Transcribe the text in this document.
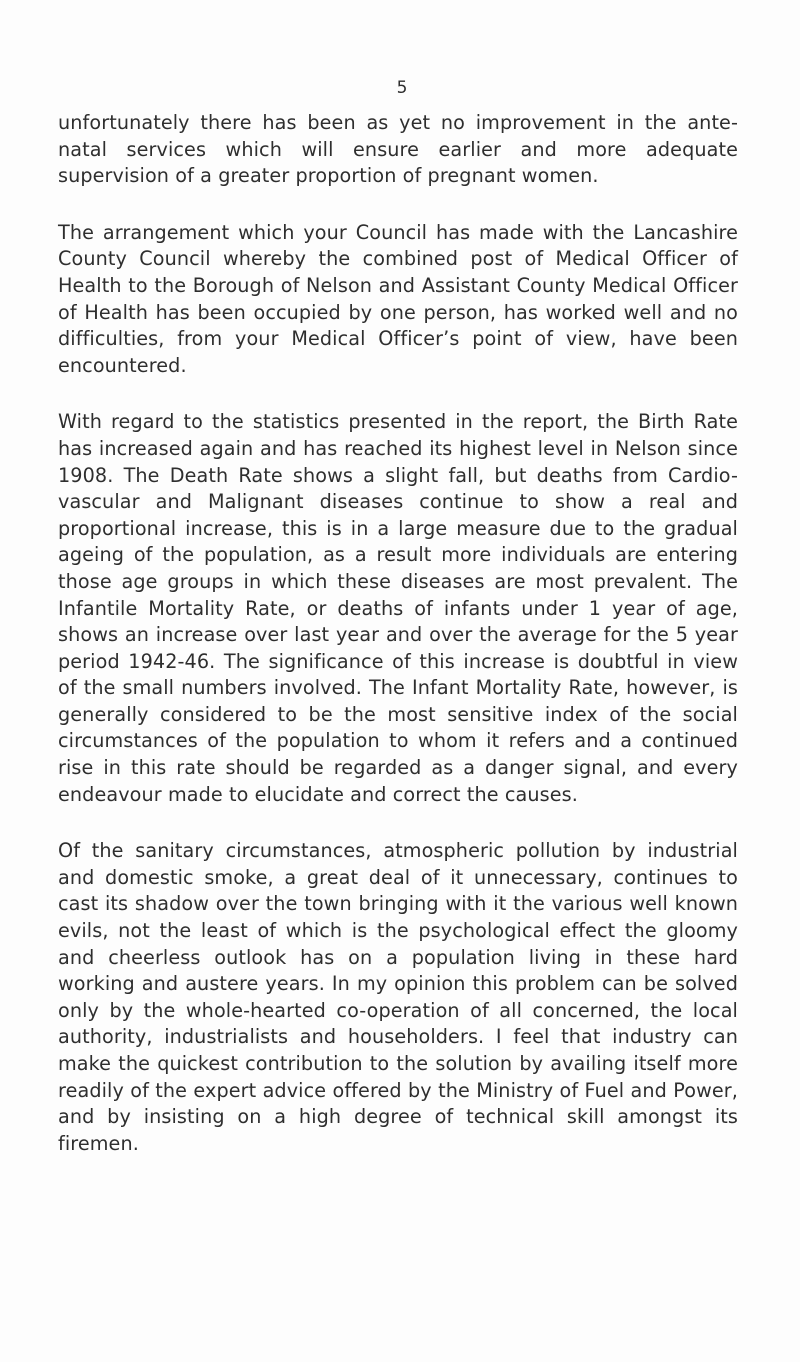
5

unfortunately there has been as yet no improvement in the ante-natal services which will ensure earlier and more adequate supervision of a greater proportion of pregnant women.

The arrangement which your Council has made with the Lancashire County Council whereby the combined post of Medical Officer of Health to the Borough of Nelson and Assistant County Medical Officer of Health has been occupied by one person, has worked well and no difficulties, from your Medical Officer’s point of view, have been encountered.

With regard to the statistics presented in the report, the Birth Rate has increased again and has reached its highest level in Nelson since 1908. The Death Rate shows a slight fall, but deaths from Cardio-vascular and Malignant diseases continue to show a real and proportional increase, this is in a large measure due to the gradual ageing of the population, as a result more individuals are entering those age groups in which these diseases are most prevalent. The Infantile Mortality Rate, or deaths of infants under 1 year of age, shows an increase over last year and over the average for the 5 year period 1942-46. The significance of this increase is doubtful in view of the small numbers involved. The Infant Mortality Rate, however, is generally considered to be the most sensitive index of the social circumstances of the population to whom it refers and a continued rise in this rate should be regarded as a danger signal, and every endeavour made to elucidate and correct the causes.

Of the sanitary circumstances, atmospheric pollution by industrial and domestic smoke, a great deal of it unnecessary, continues to cast its shadow over the town bringing with it the various well known evils, not the least of which is the psychological effect the gloomy and cheerless outlook has on a population living in these hard working and austere years. In my opinion this problem can be solved only by the whole-hearted co-operation of all concerned, the local authority, industrialists and householders. I feel that industry can make the quickest contribution to the solution by availing itself more readily of the expert advice offered by the Ministry of Fuel and Power, and by insisting on a high degree of technical skill amongst its firemen.
